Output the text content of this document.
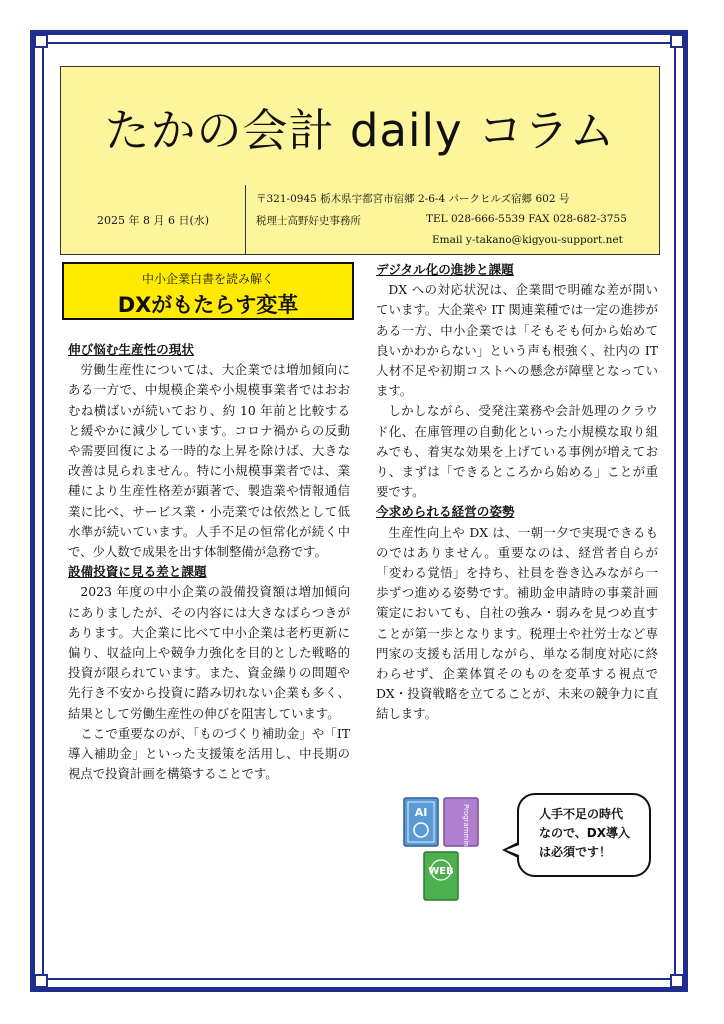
たかの会計 daily コラム
2025 年 8 月 6 日(水)
〒321-0945 栃木県宇都宮市宿郷 2-6-4 パークヒルズ宿郷 602 号
税理士高野好史事務所	TEL 028-666-5539 FAX 028-682-3755
Email y-takano@kigyou-support.net
中小企業白書を読み解く
DXがもたらす変革

伸び悩む生産性の現状

労働生産性については、大企業では増加傾向にある一方で、中規模企業や小規模事業者ではおおむね横ばいが続いており、約 10 年前と比較すると緩やかに減少しています。コロナ禍からの反動や需要回復による一時的な上昇を除けば、大きな改善は見られません。特に小規模事業者では、業種により生産性格差が顕著で、製造業や情報通信業に比べ、サービス業・小売業では依然として低水準が続いています。人手不足の恒常化が続く中で、少人数で成果を出す体制整備が急務です。

設備投資に見る差と課題

2023 年度の中小企業の設備投資額は増加傾向にありましたが、その内容には大きなばらつきがあります。大企業に比べて中小企業は老朽更新に偏り、収益向上や競争力強化を目的とした戦略的投資が限られています。また、資金繰りの問題や先行き不安から投資に踏み切れない企業も多く、結果として労働生産性の伸びを阻害しています。

ここで重要なのが、「ものづくり補助金」や「IT 導入補助金」といった支援策を活用し、中長期の視点で投資計画を構築することです。

デジタル化の進捗と課題

DX への対応状況は、企業間で明確な差が開いています。大企業や IT 関連業種では一定の進捗がある一方、中小企業では「そもそも何から始めて良いかわからない」という声も根強く、社内の IT 人材不足や初期コストへの懸念が障壁となっています。

しかしながら、受発注業務や会計処理のクラウド化、在庫管理の自動化といった小規模な取り組みでも、着実な効果を上げている事例が増えており、まずは「できるところから始める」ことが重要です。

今求められる経営の姿勢

生産性向上や DX は、一朝一夕で実現できるものではありません。重要なのは、経営者自らが「変わる覚悟」を持ち、社員を巻き込みながら一歩ずつ進める姿勢です。補助金申請時の事業計画策定においても、自社の強み・弱みを見つめ直すことが第一歩となります。税理士や社労士など専門家の支援も活用しながら、単なる制度対応に終わらせず、企業体質そのものを変革する視点で DX・投資戦略を立てることが、未来の競争力に直結します。

AI	Programming
WEB
人手不足の時代
なので、DX導入
は必須です！
